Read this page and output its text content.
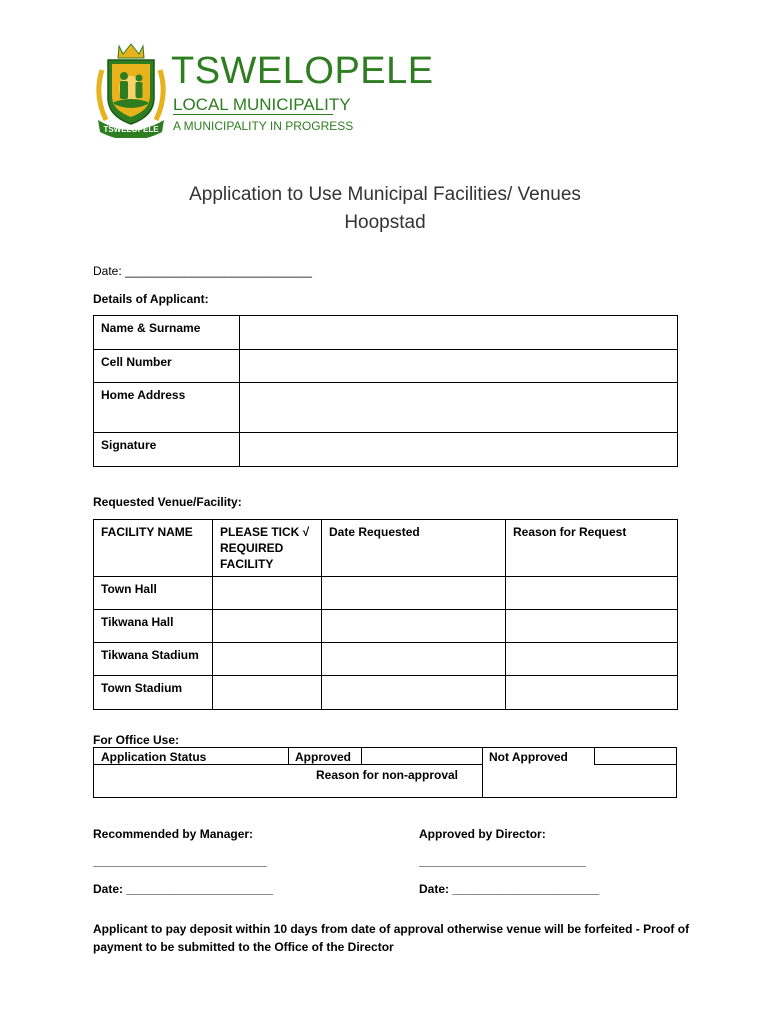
TSWELOPELE
TSWELOPELE
LOCAL MUNICIPALITY
A MUNICIPALITY IN PROGRESS
Application to Use Municipal Facilities/ Venues
Hoopstad
Date: ____________________________
Details of Applicant:
Name & Surname	
Cell Number	
Home Address	
Signature	
Requested Venue/Facility:
FACILITY NAME	PLEASE TICK √ REQUIRED FACILITY	Date Requested	Reason for Request
Town Hall			
Tikwana Hall			
Tikwana Stadium			
Town Stadium			
For Office Use:
Application Status	Approved	Not Approved
Reason for non-approval
Recommended by Manager:	Approved by Director:
__________________________	_________________________
Date: ______________________	Date: ______________________
Applicant to pay deposit within 10 days from date of approval otherwise venue will be forfeited - Proof of payment to be submitted to the Office of the Director
